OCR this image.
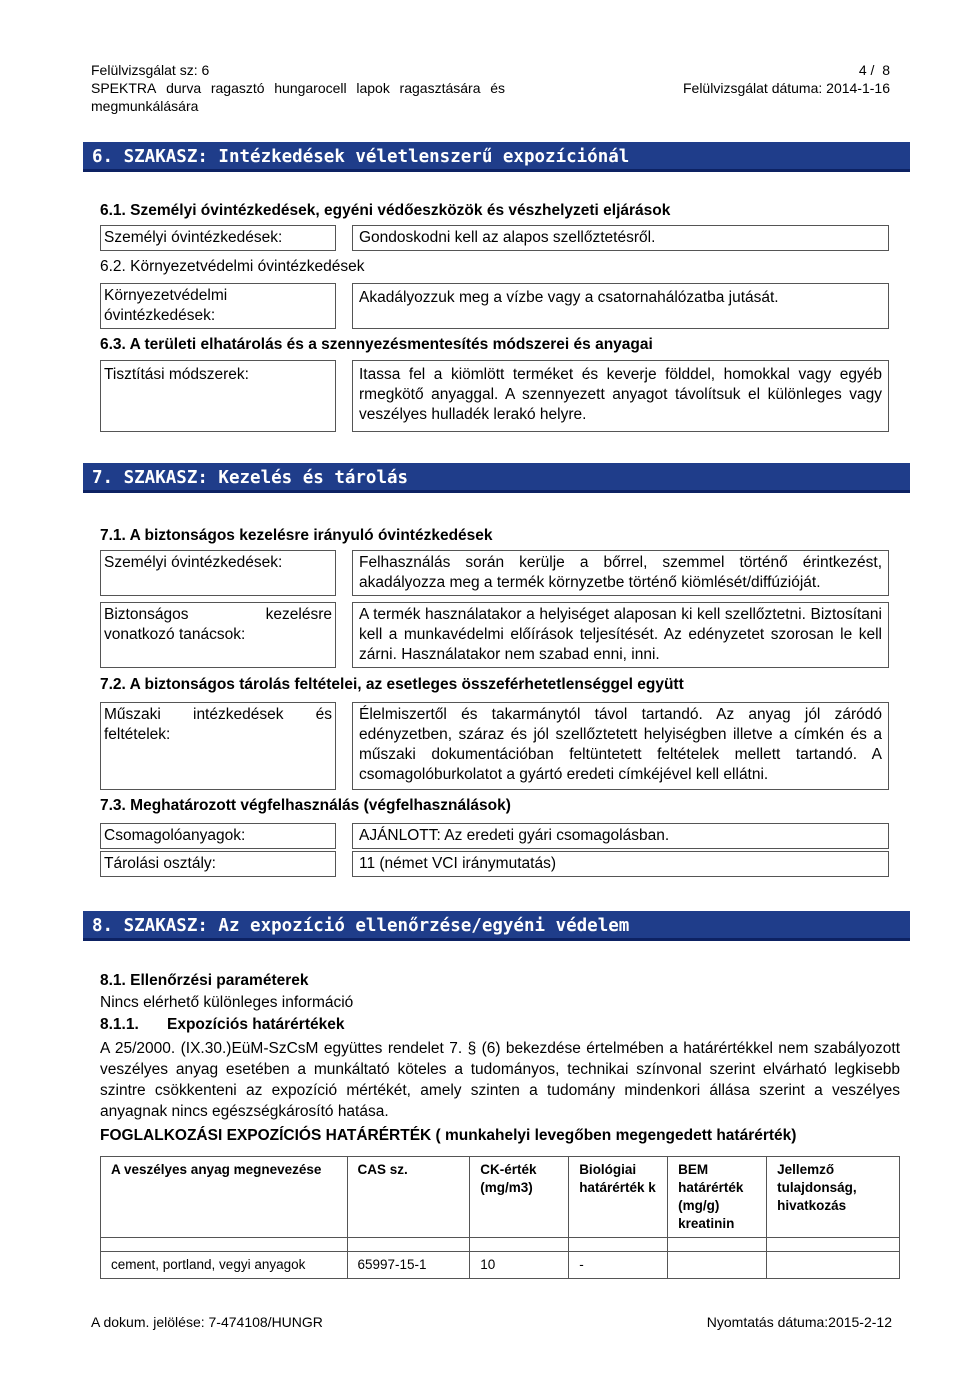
Felülvizsgálat sz: 6
SPEKTRA durva ragasztó hungarocell lapok ragasztására és
megmunkálására
4 /  8
Felülvizsgálat dátuma: 2014-1-16
6. SZAKASZ: Intézkedések véletlenszerű expozíciónál
6.1. Személyi óvintézkedések, egyéni védőeszközök és vészhelyzeti eljárások
Személyi óvintézkedések:	Gondoskodni kell az alapos szellőztetésről.
6.2. Környezetvédelmi óvintézkedések
Környezetvédelmi óvintézkedések:
Akadályozzuk meg a vízbe vagy a csatornahálózatba jutását.
6.3. A területi elhatárolás és a szennyezésmentesítés módszerei és anyagai
Tisztítási módszerek:	Itassa fel a kiömlött terméket és keverje földdel, homokkal vagy egyéb rmegkötő anyaggal. A szennyezett anyagot távolítsuk el különleges vagy veszélyes hulladék lerakó helyre.
7. SZAKASZ: Kezelés és tárolás
7.1. A biztonságos kezelésre irányuló óvintézkedések
Személyi óvintézkedések:	Felhasználás során kerülje a bőrrel, szemmel történő érintkezést, akadályozza meg a termék környzetbe történő kiömlését/diffúzióját.
Biztonságos kezelésre vonatkozó tanácsok:
A termék használatakor a helyiséget alaposan ki kell szellőztetni. Biztosítani kell a munkavédelmi előírások teljesítését. Az edényzetet szorosan le kell zárni. Használatakor nem szabad enni, inni.
7.2. A biztonságos tárolás feltételei, az esetleges összeférhetetlenséggel együtt
Műszaki intézkedések és feltételek:
Élelmiszertől és takarmánytól távol tartandó. Az anyag jól záródó edényzetben, száraz és jól szellőztetett helyiségben illetve a címkén és a műszaki dokumentációban feltüntetett feltételek mellett tartandó. A csomagolóburkolatot a gyártó eredeti címkéjével kell ellátni.
7.3. Meghatározott végfelhasználás (végfelhasználások)
Csomagolóanyagok:	AJÁNLOTT: Az eredeti gyári csomagolásban.
Tárolási osztály:	11 (német VCI iránymutatás)
8. SZAKASZ: Az expozíció ellenőrzése/egyéni védelem
8.1. Ellenőrzési paraméterek
Nincs elérhető különleges információ
8.1.1. Expozíciós határértékek
A 25/2000. (IX.30.)EüM-SzCsM együttes rendelet 7. § (6) bekezdése értelmében a határértékkel nem szabályozott veszélyes anyag esetében a munkáltató köteles a tudományos, technikai színvonal szerint elvárható legkisebb szintre csökkenteni az expozíció mértékét, amely szinten a tudomány mindenkori állása szerint a veszélyes anyagnak nincs egészségkárosító hatása.
FOGLALKOZÁSI EXPOZÍCIÓS HATÁRÉRTÉK ( munkahelyi levegőben megengedett határérték)
A veszélyes anyag megnevezése	CAS sz.	CK-érték (mg/m3)	Biológiai határérték k	BEM határérték (mg/g) kreatinin	Jellemző tulajdonság, hivatkozás

cement, portland, vegyi anyagok	65997-15-1	10	-		
A dokum. jelölése: 7-474108/HUNGR	Nyomtatás dátuma:2015-2-12
